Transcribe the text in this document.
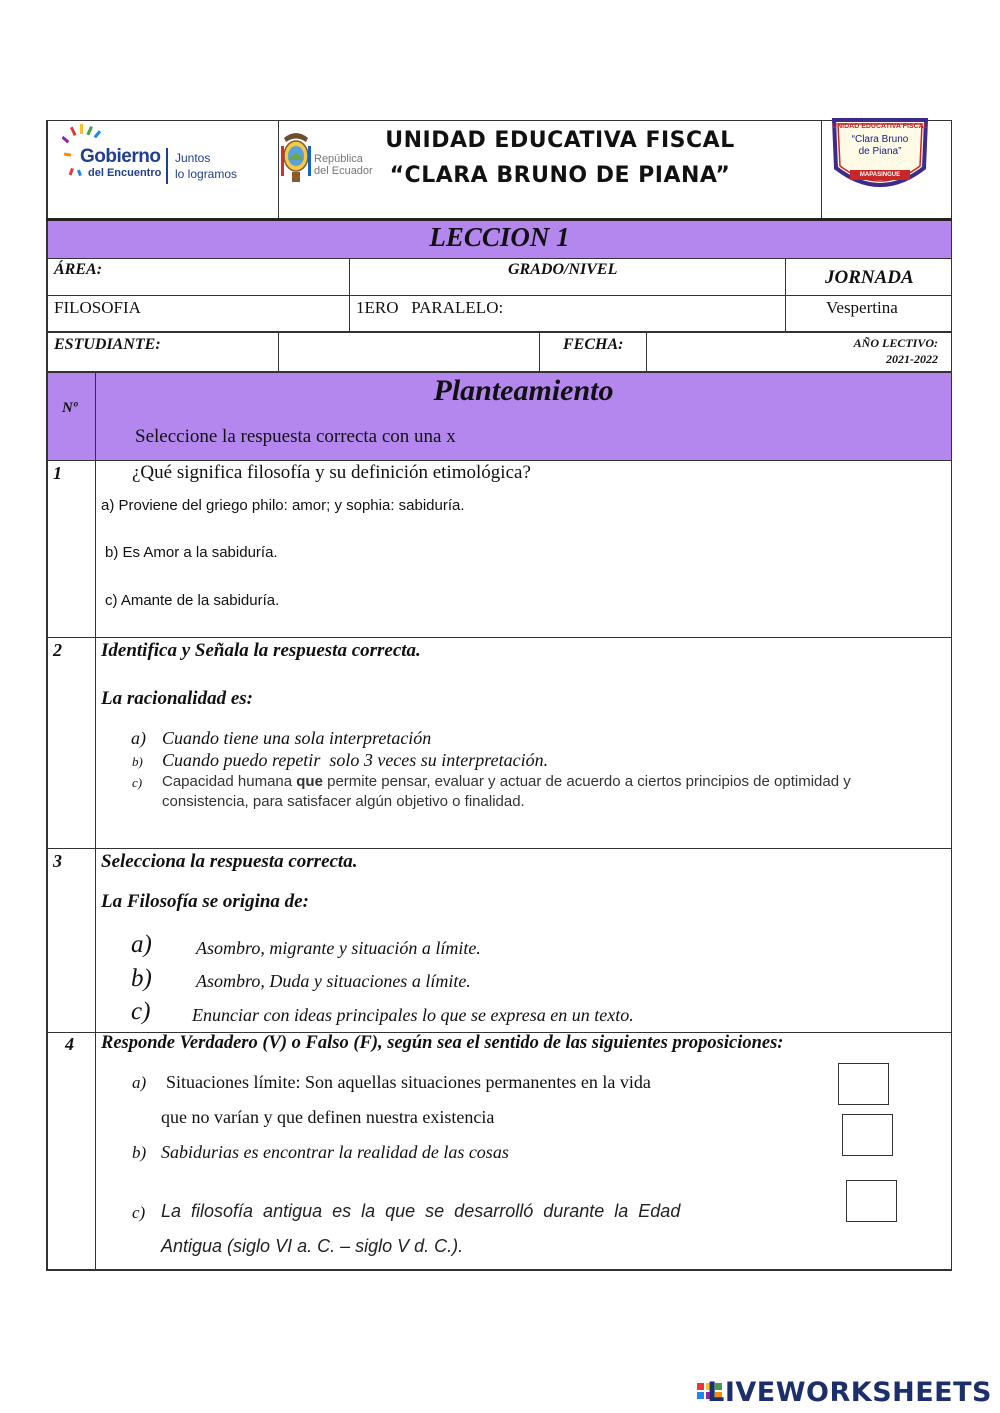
Gobierno
del Encuentro
Juntos
lo logramos
República
del Ecuador
UNIDAD EDUCATIVA FISCAL
“CLARA BRUNO DE PIANA”
UNIDAD EDUCATIVA FISCAL
“Clara Bruno
de Piana”
MAPASINGUE
LECCION 1
ÁREA:	GRADO/NIVEL	JORNADA
FILOSOFIA	1ERO   PARALELO:	Vespertina
ESTUDIANTE:	FECHA:	AÑO LECTIVO:
2021-2022
Nº
Planteamiento
Seleccione la respuesta correcta con una x
1	¿Qué significa filosofía y su definición etimológica?
a) Proviene del griego philo: amor; y sophia: sabiduría.
b) Es Amor a la sabiduría.
c) Amante de la sabiduría.
2 Identifica y Señala la respuesta correcta.
La racionalidad es:
a) Cuando tiene una sola interpretación
b) Cuando puedo repetir  solo 3 veces su interpretación.
c) Capacidad humana que permite pensar, evaluar y actuar de acuerdo a ciertos principios de optimidad y
consistencia, para satisfacer algún objetivo o finalidad.
3 Selecciona la respuesta correcta.
La Filosofía se origina de:
a) Asombro, migrante y situación a límite.
b) Asombro, Duda y situaciones a límite.
c) Enunciar con ideas principales lo que se expresa en un texto.
4 Responde Verdadero (V) o Falso (F), según sea el sentido de las siguientes proposiciones:
a) Situaciones límite: Son aquellas situaciones permanentes en la vida
que no varían y que definen nuestra existencia
b) Sabidurias es encontrar la realidad de las cosas
c) La  filosofía  antigua  es  la  que  se  desarrolló  durante  la  Edad
Antigua (siglo VI a. C. – siglo V d. C.).
LIVEWORKSHEETS
